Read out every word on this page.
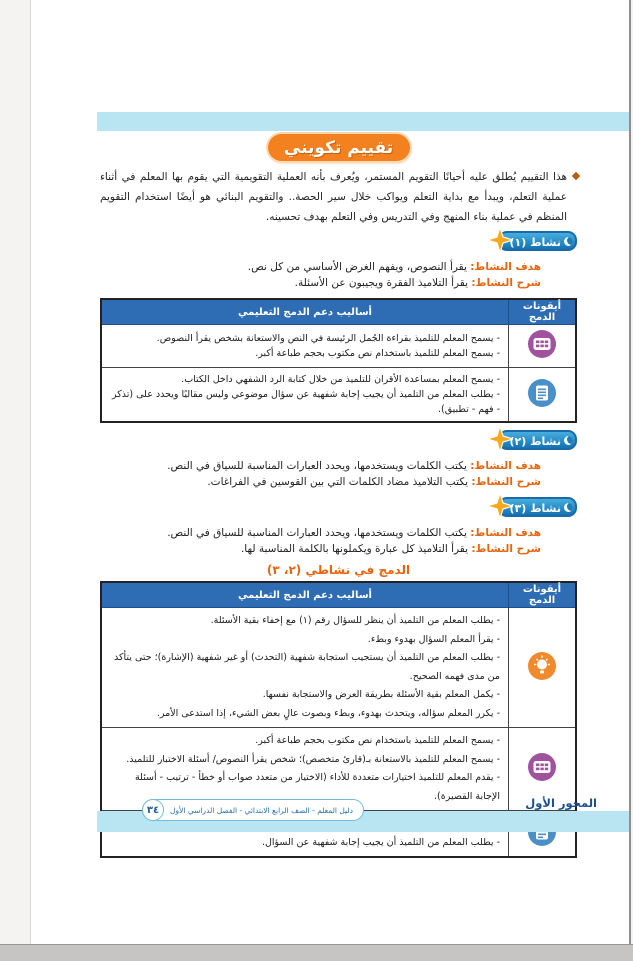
تقييم تكويني

هذا التقييم يُطلق عليه أحيانًا التقويم المستمر، ويُعرف بأنه العملية التقويمية التي يقوم بها المعلم في أثناء عملية التعلم، ويبدأ مع بداية التعلم ويواكب خلال سير الحصة.. والتقويم البنائي هو أيضًا استخدام التقويم المنظم في عملية بناء المنهج وفي التدريس وفي التعلم بهدف تحسينه.

نشاط (١)
هدف النشاط: يقرأ النصوص، ويفهم الغرض الأساسي من كل نص.
شرح النشاط: يقرأ التلاميذ الفقرة ويجيبون عن الأسئلة.
أيقونات الدمج	أساليب دعم الدمج التعليمي

- يسمح المعلم للتلميذ بقراءة الجُمل الرئيسة في النص والاستعانة بشخص يقرأ النصوص.
- يسمح المعلم للتلميذ باستخدام نص مكتوب بحجم طباعة أكبر.

- يسمح المعلم بمساعدة الأقران للتلميذ من خلال كتابة الرد الشفهي داخل الكتاب.
- يطلب المعلم من التلميذ أن يجيب إجابة شفهية عن سؤال موضوعي وليس مقاليًا ويحدد على (تذكر - فهم - تطبيق).
نشاط (٢)
هدف النشاط: يكتب الكلمات ويستخدمها، ويحدد العبارات المناسبة للسياق في النص.
شرح النشاط: يكتب التلاميذ مضاد الكلمات التي بين القوسين في الفراغات.
نشاط (٣)
هدف النشاط: يكتب الكلمات ويستخدمها، ويحدد العبارات المناسبة للسياق في النص.
شرح النشاط: يقرأ التلاميذ كل عبارة ويكملونها بالكلمة المناسبة لها.
الدمج في نشاطي (٢، ٣)
أيقونات الدمج	أساليب دعم الدمج التعليمي

- يطلب المعلم من التلميذ أن ينظر للسؤال رقم (١) مع إخفاء بقية الأسئلة.
- يقرأ المعلم السؤال بهدوء وبطء.
- يطلب المعلم من التلميذ أن يستجيب استجابة شفهية (التحدث) أو غير شفهية (الإشارة)؛ حتى يتأكد من مدى فهمه الصحيح.
- يكمل المعلم بقية الأسئلة بطريقة العرض والاستجابة نفسها.
- يكرر المعلم سؤاله، ويتحدث بهدوء، وبطء وبصوت عالٍ بعض الشيء، إذا استدعى الأمر.

- يسمح المعلم للتلميذ باستخدام نص مكتوب بحجم طباعة أكبر.
- يسمح المعلم للتلميذ بالاستعانة بـ(قارئ متخصص)؛ شخص يقرأ النصوص/ أسئلة الاختبار للتلميذ.
- يقدم المعلم للتلميذ اختيارات متعددة للأداء (الاختيار من متعدد صواب أو خطأ - ترتيب - أسئلة الإجابة القصيرة).

-
- يطلب المعلم من التلميذ أن يجيب إجابة شفهية عن السؤال.
٣٤	دليل المعلم - الصف الرابع الابتدائي - الفصل الدراسي الأول	المحور الأول
